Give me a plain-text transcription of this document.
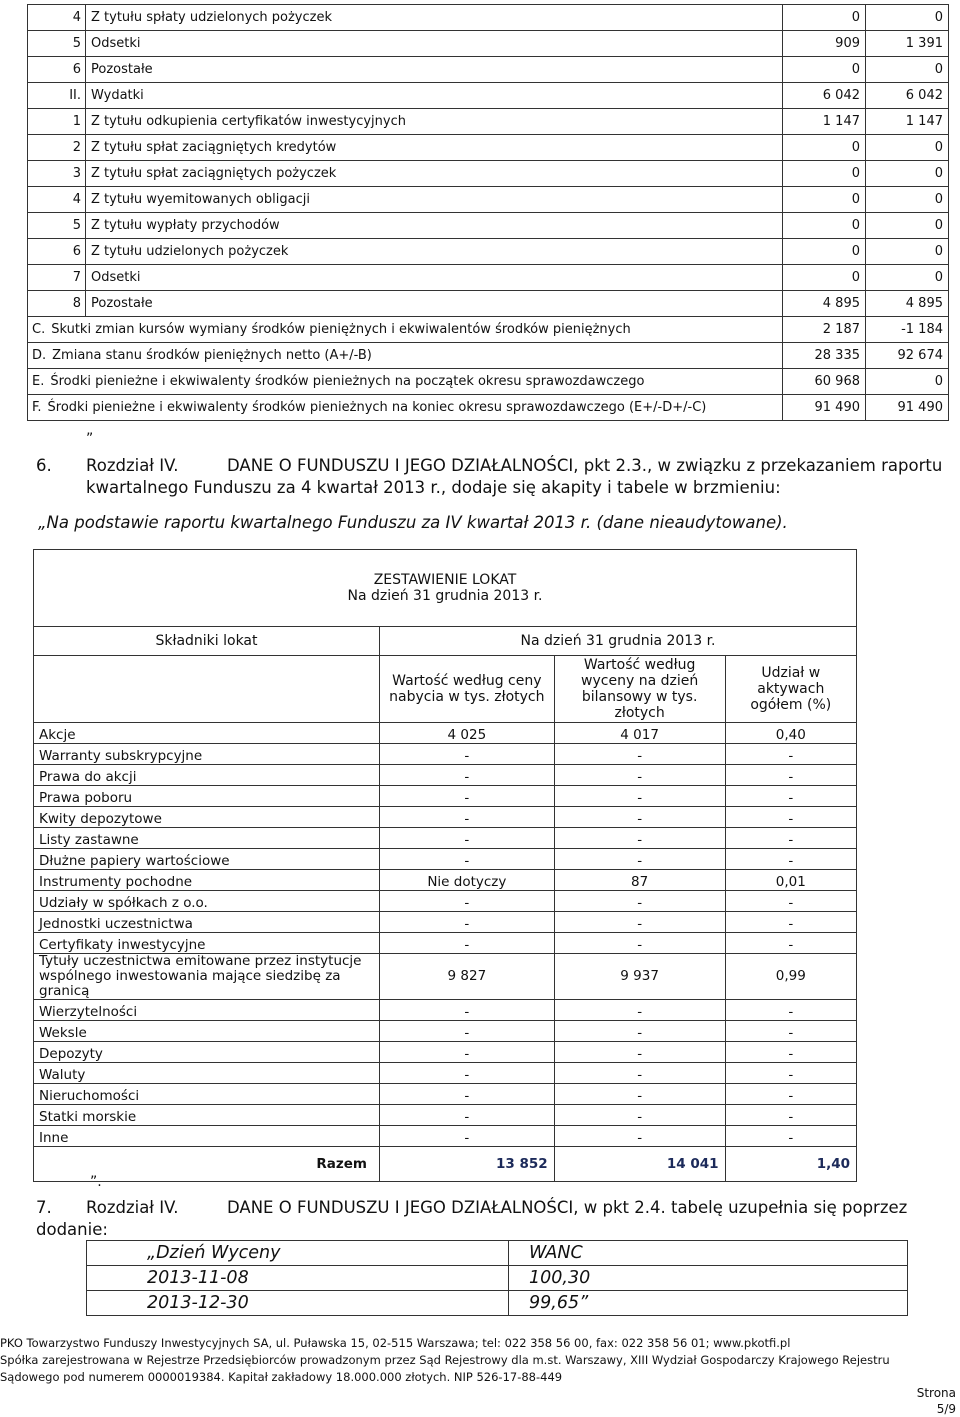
4	Z tytułu spłaty udzielonych pożyczek	0	0
5	Odsetki	909	1 391
6	Pozostałe	0	0
II.	Wydatki	6 042	6 042
1	Z tytułu odkupienia certyfikatów inwestycyjnych	1 147	1 147
2	Z tytułu spłat zaciągniętych kredytów	0	0
3	Z tytułu spłat zaciągniętych pożyczek	0	0
4	Z tytułu wyemitowanych obligacji	0	0
5	Z tytułu wypłaty przychodów	0	0
6	Z tytułu udzielonych pożyczek	0	0
7	Odsetki	0	0
8	Pozostałe	4 895	4 895
C. Skutki zmian kursów wymiany środków pieniężnych i ekwiwalentów środków pieniężnych		2 187	-1 184
D. Zmiana stanu środków pieniężnych netto (A+/-B)		28 335	92 674
E. Środki pienieżne i ekwiwalenty środków pienieżnych na początek okresu sprawozdawczego		60 968	0
F. Środki pienieżne i ekwiwalenty środków pienieżnych na koniec okresu sprawozdawczego (E+/-D+/-C)		91 490	91 490
”
6. Rozdział IV.	DANE O FUNDUSZU I JEGO DZIAŁALNOŚCI, pkt 2.3., w związku z przekazaniem raportu
kwartalnego Funduszu za 4 kwartał 2013 r., dodaje się akapity i tabele w brzmieniu:
„Na podstawie raportu kwartalnego Funduszu za IV kwartał 2013 r. (dane nieaudytowane).
ZESTAWIENIE LOKAT
Na dzień 31 grudnia 2013 r.			

Składniki lokat	Na dzień 31 grudnia 2013 r.		
	Wartość według ceny nabycia w tys. złotych	Wartość według wyceny na dzień bilansowy w tys. złotych	Udział w aktywach ogółem (%)
Akcje	4 025	4 017	0,40
Warranty subskrypcyjne	-	-	-
Prawa do akcji	-	-	-
Prawa poboru	-	-	-
Kwity depozytowe	-	-	-
Listy zastawne	-	-	-
Dłużne papiery wartościowe	-	-	-
Instrumenty pochodne	Nie dotyczy	87	0,01
Udziały w spółkach z o.o.	-	-	-
Jednostki uczestnictwa	-	-	-
Certyfikaty inwestycyjne	-	-	-
Tytuły uczestnictwa emitowane przez instytucje wspólnego inwestowania mające siedzibę za granicą	9 827	9 937	0,99
Wierzytelności	-	-	-
Weksle	-	-	-
Depozyty	-	-	-
Waluty	-	-	-
Nieruchomości	-	-	-
Statki morskie	-	-	-
Inne	-	-	-
Razem	13 852	14 041	1,40
”.
7. Rozdział IV.	DANE O FUNDUSZU I JEGO DZIAŁALNOŚCI, w pkt 2.4. tabelę uzupełnia się poprzez dodanie:
„Dzień Wyceny	WANC
2013-11-08	100,30
2013-12-30	99,65”
PKO Towarzystwo Funduszy Inwestycyjnych SA, ul. Puławska 15, 02-515 Warszawa; tel: 022 358 56 00, fax: 022 358 56 01; www.pkotfi.pl
Spółka zarejestrowana w Rejestrze Przedsiębiorców prowadzonym przez Sąd Rejestrowy dla m.st. Warszawy, XIII Wydział Gospodarczy Krajowego Rejestru
Sądowego pod numerem 0000019384. Kapitał zakładowy 18.000.000 złotych. NIP 526-17-88-449
Strona
5/9
